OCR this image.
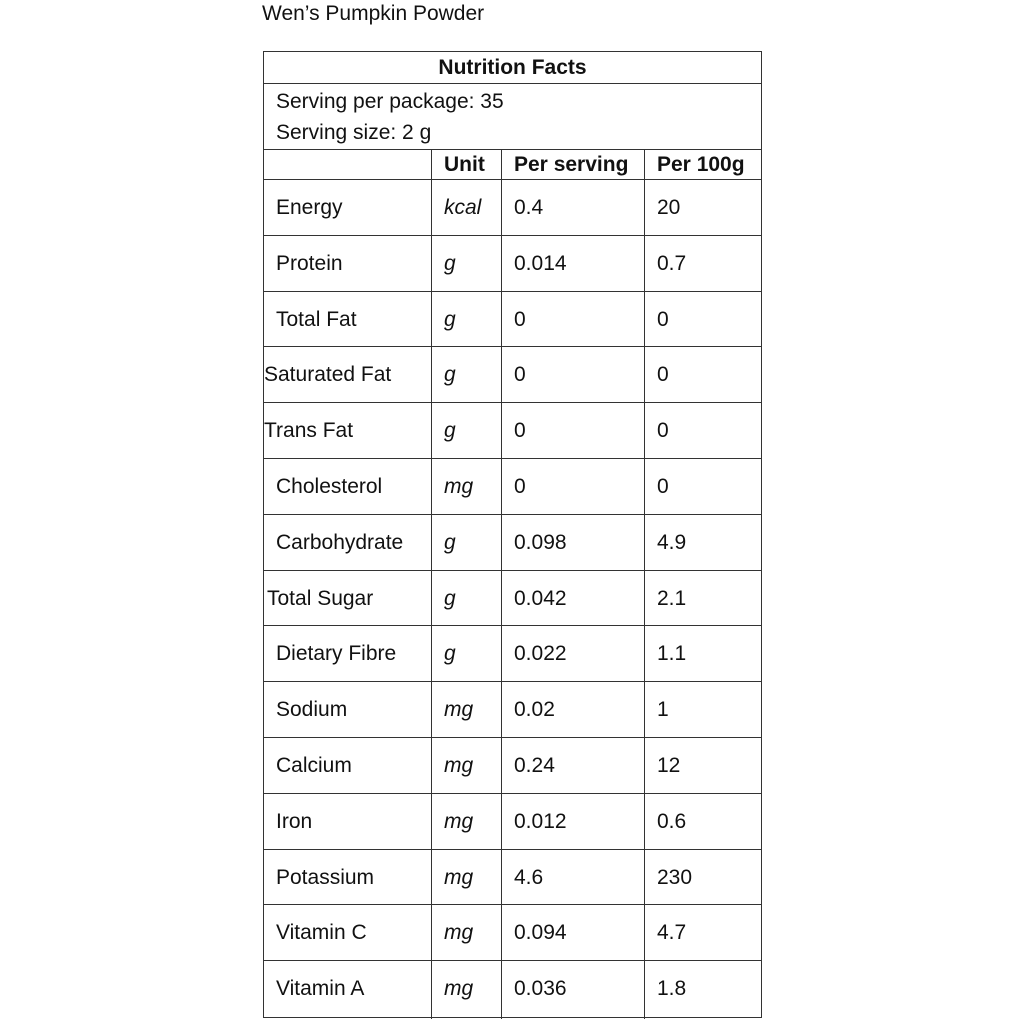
Wen’s Pumpkin Powder
Nutrition Facts
Serving per package: 35
Serving size: 2 g
Unit Per serving Per 100g
Energy	kcal 0.4	20
Protein	g	0.014	0.7
Total Fat	g	0	0
Saturated Fat	g	0	0
Trans Fat	g	0	0
Cholesterol	mg 0	0
Carbohydrate g	0.098	4.9
Total Sugar	g	0.042	2.1
Dietary Fibre g	0.022	1.1
Sodium	mg 0.02	1
Calcium	mg 0.24	12
Iron	mg 0.012	0.6
Potassium	mg 4.6	230
Vitamin C	mg 0.094	4.7
Vitamin A	mg 0.036	1.8
